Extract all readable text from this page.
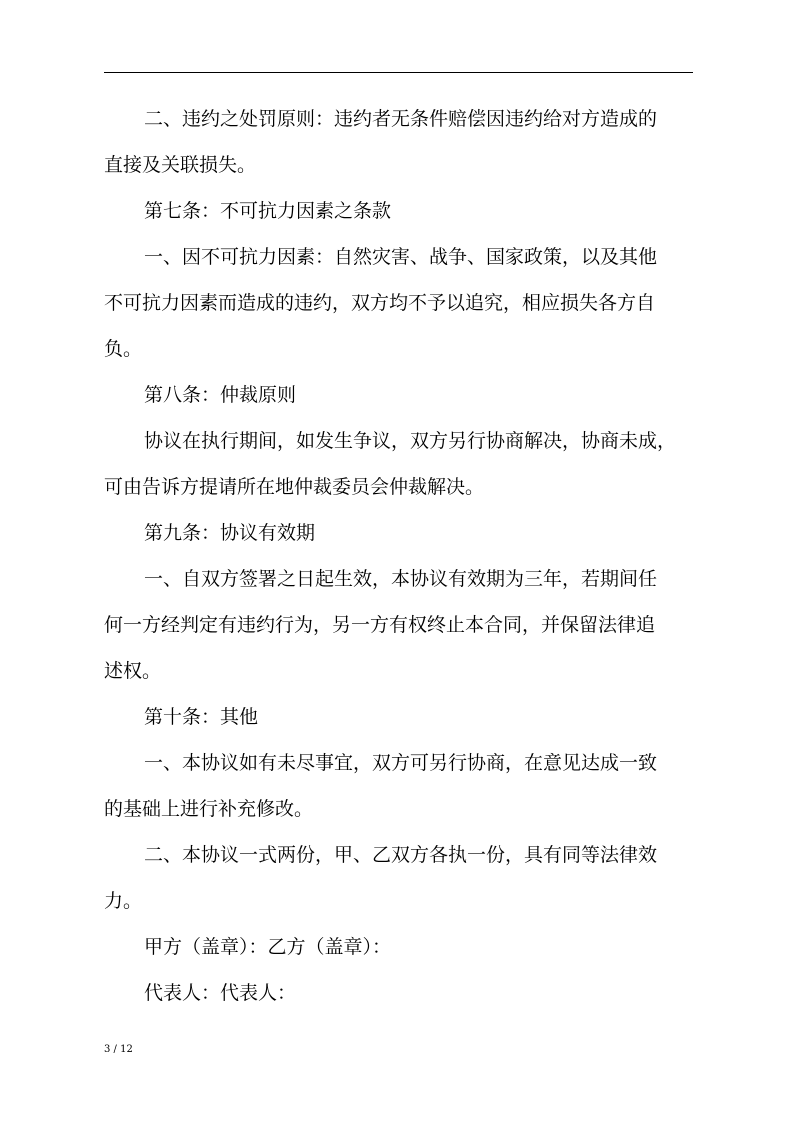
二、违约之处罚原则：违约者无条件赔偿因违约给对方造成的
直接及关联损失。

第七条：不可抗力因素之条款

一、因不可抗力因素：自然灾害、战争、国家政策，以及其他
不可抗力因素而造成的违约，双方均不予以追究，相应损失各方自
负。

第八条：仲裁原则

协议在执行期间，如发生争议，双方另行协商解决，协商未成，
可由告诉方提请所在地仲裁委员会仲裁解决。

第九条：协议有效期

一、自双方签署之日起生效，本协议有效期为三年，若期间任
何一方经判定有违约行为，另一方有权终止本合同，并保留法律追
述权。

第十条：其他

一、本协议如有未尽事宜，双方可另行协商，在意见达成一致
的基础上进行补充修改。

二、本协议一式两份，甲、乙双方各执一份，具有同等法律效
力。

甲方（盖章）：乙方（盖章）：

代表人：代表人：

3 / 12
